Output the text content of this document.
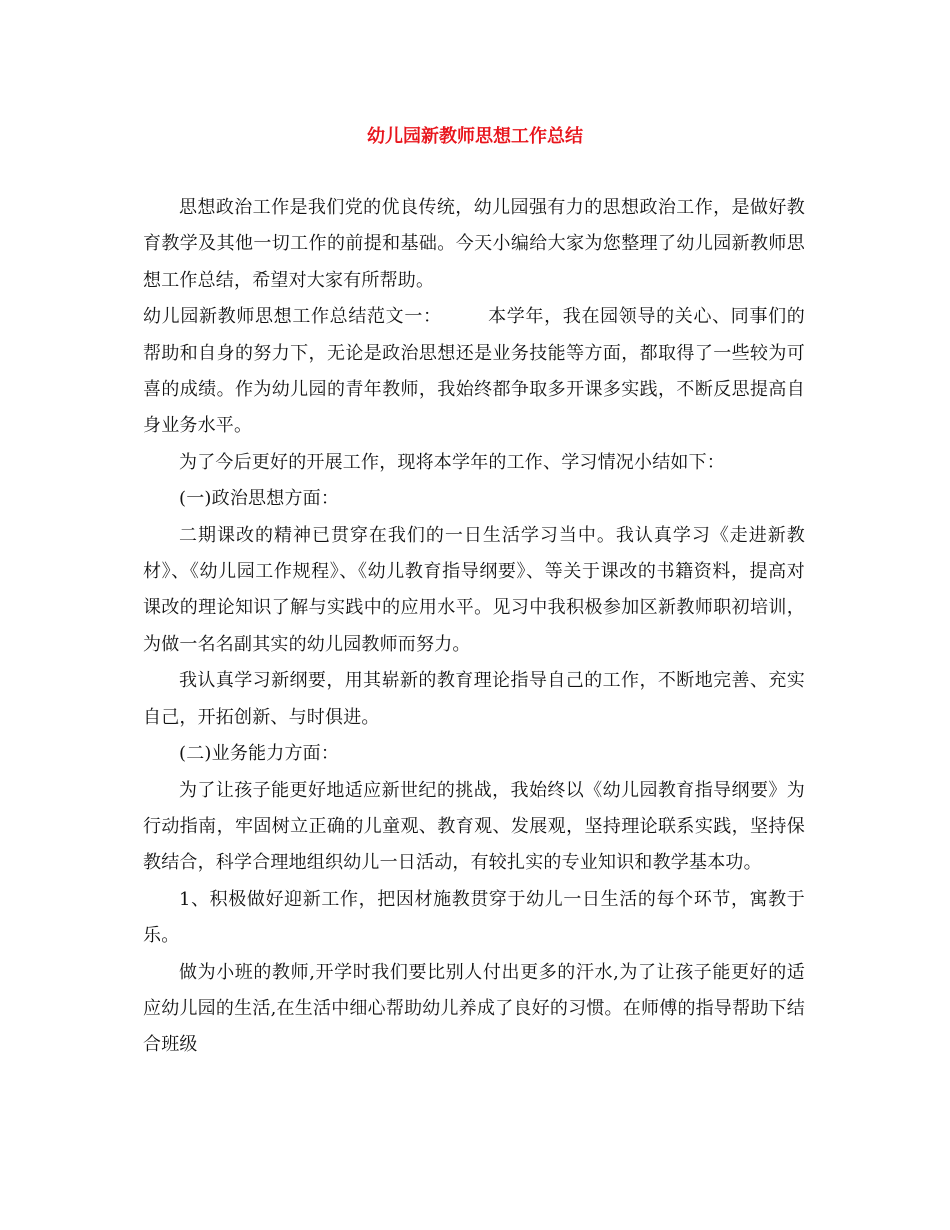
幼儿园新教师思想工作总结

思想政治工作是我们党的优良传统，幼儿园强有力的思想政治工作，是做好教育教学及其他一切工作的前提和基础。今天小编给大家为您整理了幼儿园新教师思想工作总结，希望对大家有所帮助。

幼儿园新教师思想工作总结范文一：	本学年，我在园领导的关心、同事们的帮助和自身的努力下，无论是政治思想还是业务技能等方面，都取得了一些较为可喜的成绩。作为幼儿园的青年教师，我始终都争取多开课多实践，不断反思提高自身业务水平。

为了今后更好的开展工作，现将本学年的工作、学习情况小结如下：

(一)政治思想方面：

二期课改的精神已贯穿在我们的一日生活学习当中。我认真学习《走进新教材》、《幼儿园工作规程》、《幼儿教育指导纲要》、等关于课改的书籍资料，提高对课改的理论知识了解与实践中的应用水平。见习中我积极参加区新教师职初培训，为做一名名副其实的幼儿园教师而努力。

我认真学习新纲要，用其崭新的教育理论指导自己的工作，不断地完善、充实自己，开拓创新、与时俱进。

(二)业务能力方面：

为了让孩子能更好地适应新世纪的挑战，我始终以《幼儿园教育指导纲要》为行动指南，牢固树立正确的儿童观、教育观、发展观，坚持理论联系实践，坚持保教结合，科学合理地组织幼儿一日活动，有较扎实的专业知识和教学基本功。

1、积极做好迎新工作，把因材施教贯穿于幼儿一日生活的每个环节，寓教于乐。

做为小班的教师,开学时我们要比别人付出更多的汗水,为了让孩子能更好的适应幼儿园的生活,在生活中细心帮助幼儿养成了良好的习惯。在师傅的指导帮助下结合班级
